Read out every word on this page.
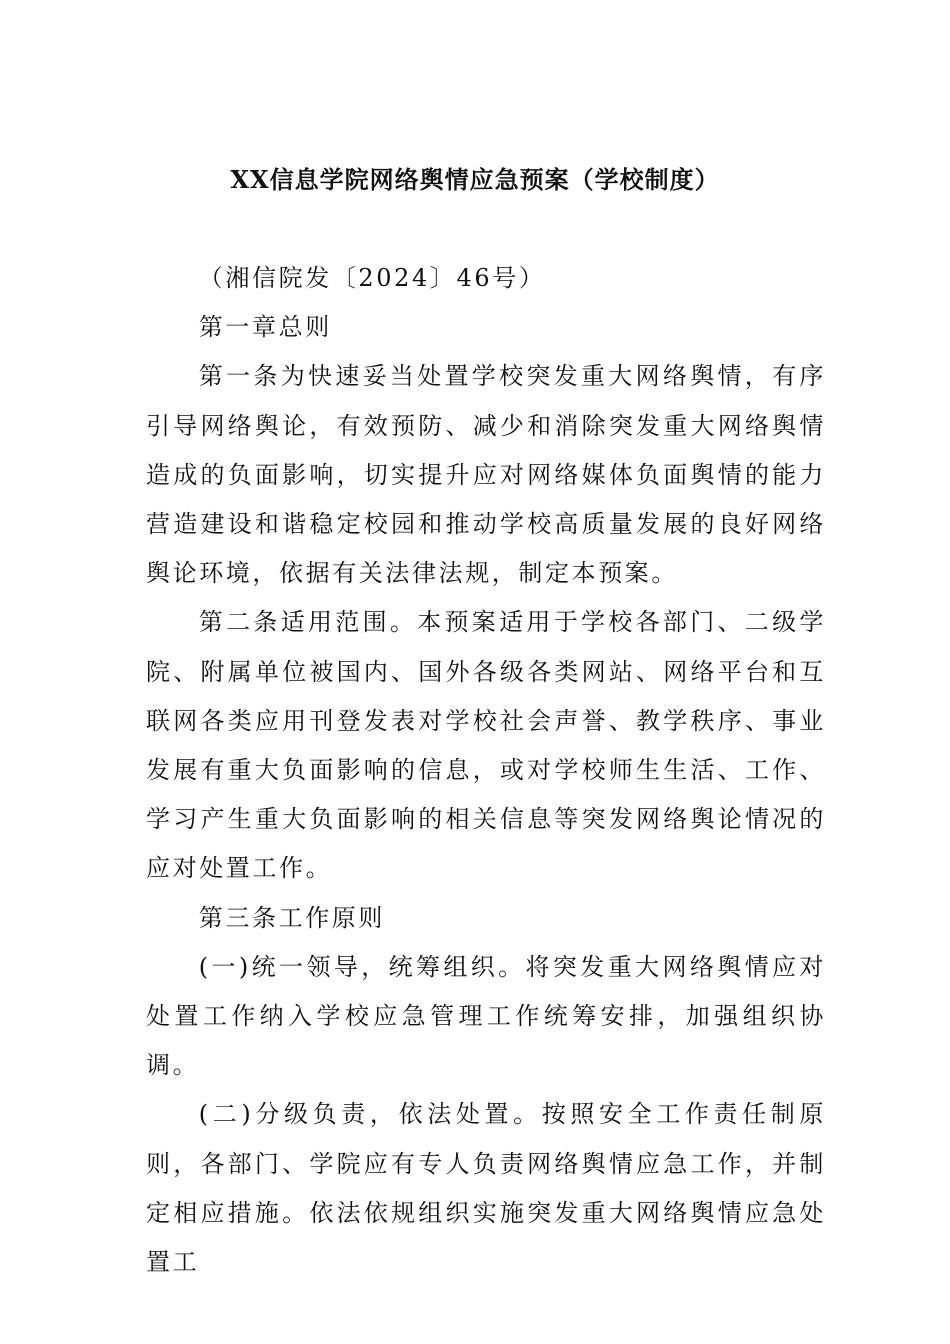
XX信息学院网络舆情应急预案（学校制度）

（湘信院发〔2024〕46号）

第一章总则

第一条为快速妥当处置学校突发重大网络舆情，有序引导网络舆论，有效预防、减少和消除突发重大网络舆情造成的负面影响，切实提升应对网络媒体负面舆情的能力营造建设和谐稳定校园和推动学校高质量发展的良好网络舆论环境，依据有关法律法规，制定本预案。

第二条适用范围。本预案适用于学校各部门、二级学院、附属单位被国内、国外各级各类网站、网络平台和互联网各类应用刊登发表对学校社会声誉、教学秩序、事业发展有重大负面影响的信息，或对学校师生生活、工作、学习产生重大负面影响的相关信息等突发网络舆论情况的应对处置工作。

第三条工作原则

(一)统一领导，统筹组织。将突发重大网络舆情应对处置工作纳入学校应急管理工作统筹安排，加强组织协调。

(二)分级负责，依法处置。按照安全工作责任制原则，各部门、学院应有专人负责网络舆情应急工作，并制定相应措施。依法依规组织实施突发重大网络舆情应急处置工
